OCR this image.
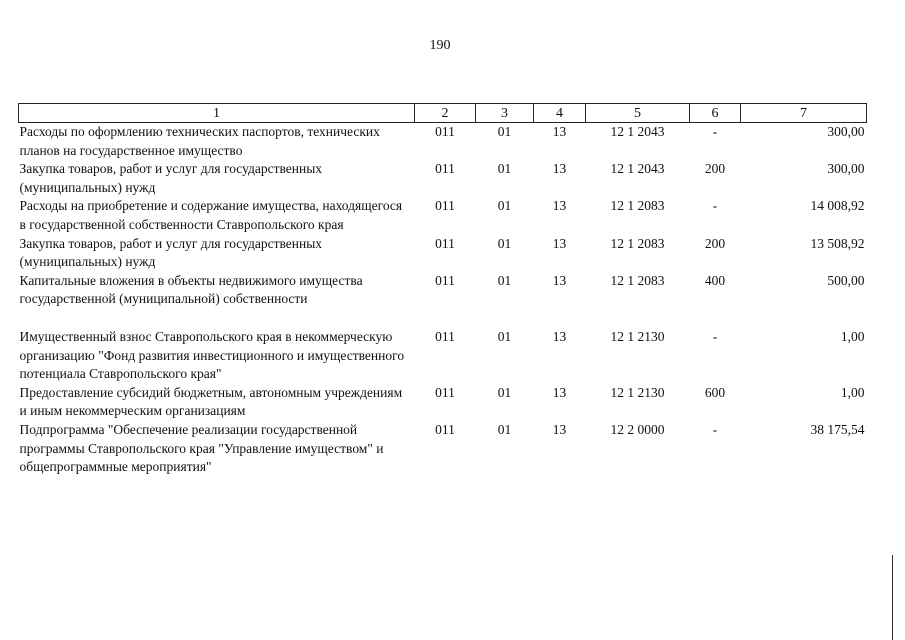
190
1	2	3	4	5	6	7
Расходы по оформлению технических паспортов, технических планов на государственное имущество	011	01	13	12 1 2043	-	300,00
Закупка товаров, работ и услуг для государственных (муниципальных) нужд	011	01	13	12 1 2043	200	300,00
Расходы на приобретение и содержание имущества, находящегося в государственной собственности Ставропольского края	011	01	13	12 1 2083	-	14 008,92
Закупка товаров, работ и услуг для государственных (муниципальных) нужд	011	01	13	12 1 2083	200	13 508,92
Капитальные вложения в объекты недвижимого имущества государственной (муниципальной) собственности	011	01	13	12 1 2083	400	500,00

Имущественный взнос Ставропольского края в некоммерческую организацию "Фонд развития инвестиционного и имущественного потенциала Ставропольского края"	011	01	13	12 1 2130	-	1,00
Предоставление субсидий бюджетным, автономным учреждениям и иным некоммерческим организациям	011	01	13	12 1 2130	600	1,00
Подпрограмма "Обеспечение реализации государственной программы Ставропольского края "Управление имуществом" и общепрограммные мероприятия"	011	01	13	12 2 0000	-	38 175,54
